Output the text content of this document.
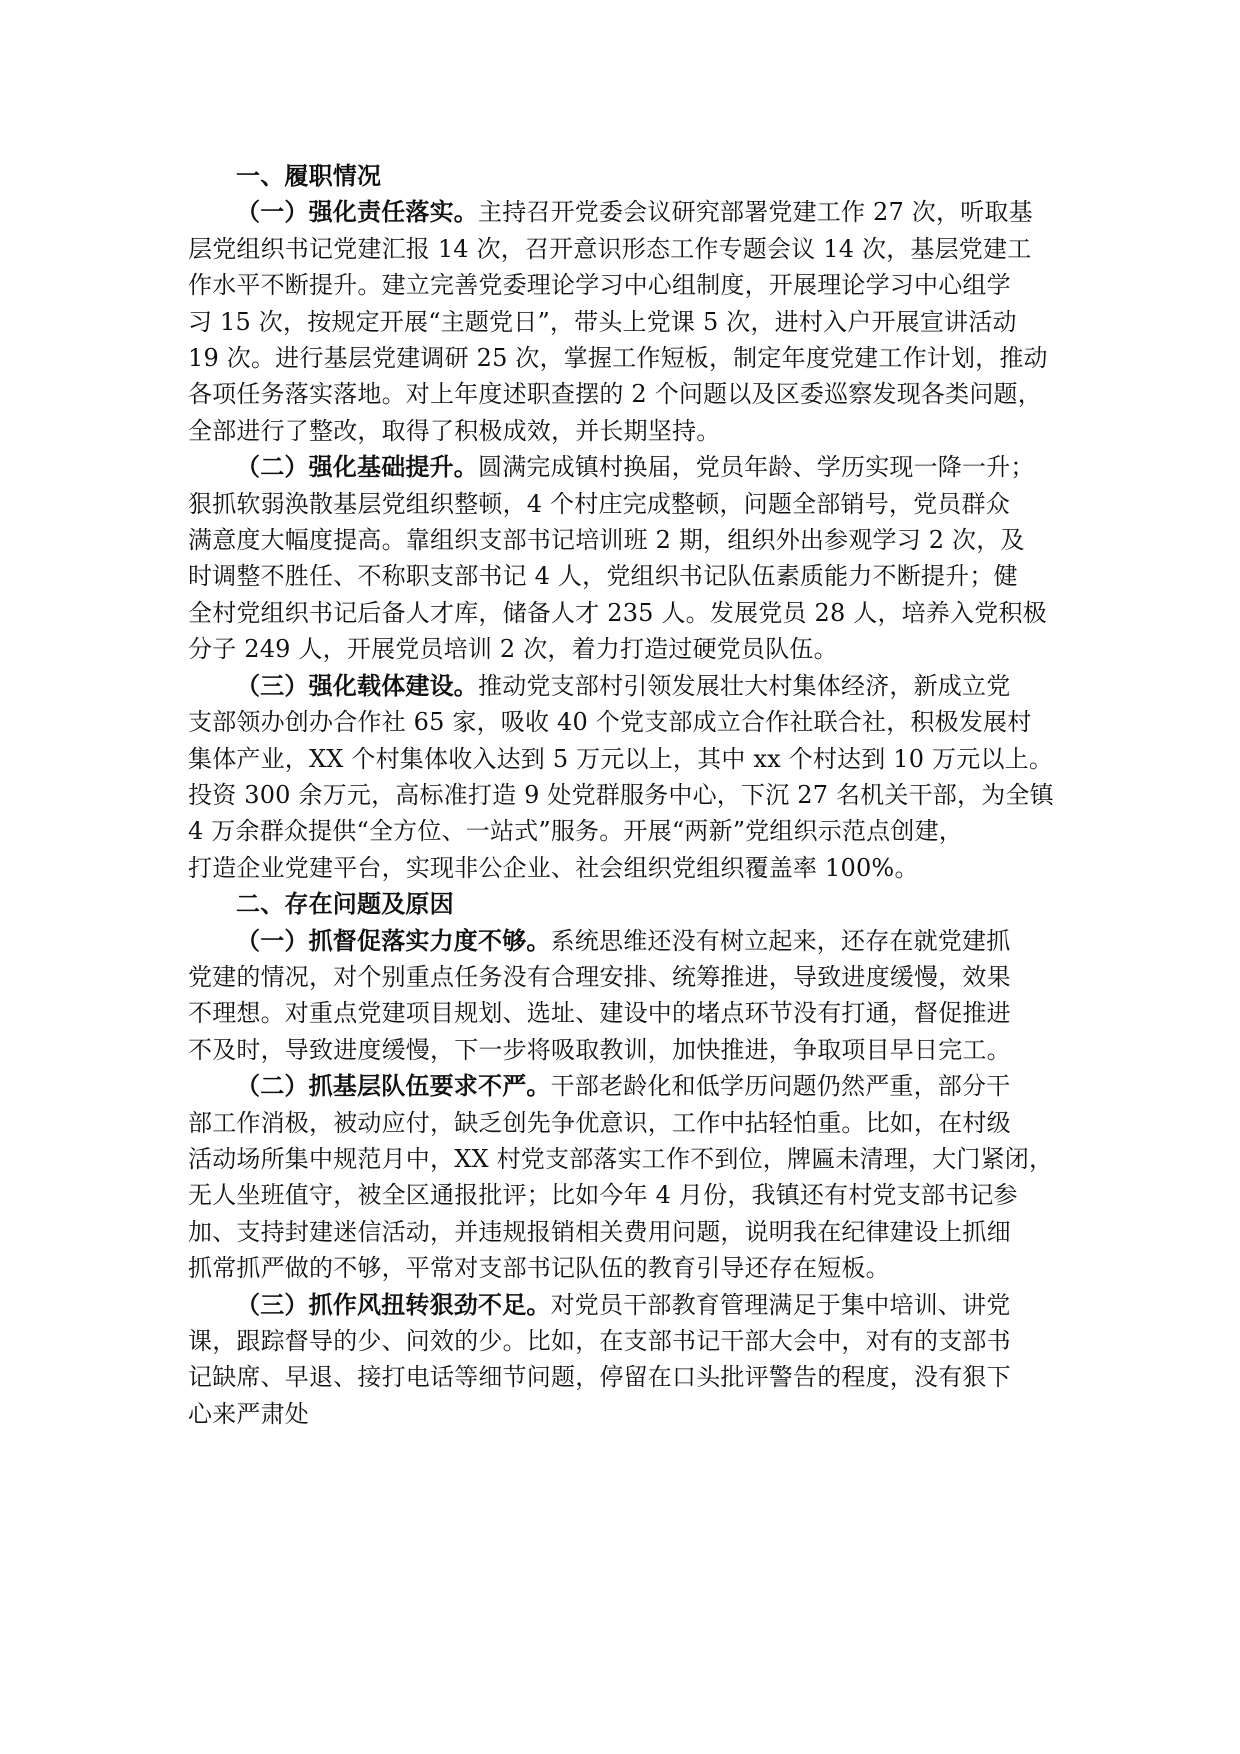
一、履职情况
（一）强化责任落实。主持召开党委会议研究部署党建工作 27 次，听取基
层党组织书记党建汇报 14 次，召开意识形态工作专题会议 14 次，基层党建工
作水平不断提升。建立完善党委理论学习中心组制度，开展理论学习中心组学
习 15 次，按规定开展“主题党日”，带头上党课 5 次，进村入户开展宣讲活动
19 次。进行基层党建调研 25 次，掌握工作短板，制定年度党建工作计划，推动
各项任务落实落地。对上年度述职查摆的 2 个问题以及区委巡察发现各类问题，
全部进行了整改，取得了积极成效，并长期坚持。
（二）强化基础提升。圆满完成镇村换届，党员年龄、学历实现一降一升；
狠抓软弱涣散基层党组织整顿，4 个村庄完成整顿，问题全部销号，党员群众
满意度大幅度提高。靠组织支部书记培训班 2 期，组织外出参观学习 2 次，及
时调整不胜任、不称职支部书记 4 人，党组织书记队伍素质能力不断提升；健
全村党组织书记后备人才库，储备人才 235 人。发展党员 28 人，培养入党积极
分子 249 人，开展党员培训 2 次，着力打造过硬党员队伍。
（三）强化载体建设。推动党支部村引领发展壮大村集体经济，新成立党
支部领办创办合作社 65 家，吸收 40 个党支部成立合作社联合社，积极发展村
集体产业，XX 个村集体收入达到 5 万元以上，其中 xx 个村达到 10 万元以上。
投资 300 余万元，高标准打造 9 处党群服务中心，下沉 27 名机关干部，为全镇
4 万余群众提供“全方位、一站式”服务。开展“两新”党组织示范点创建，
打造企业党建平台，实现非公企业、社会组织党组织覆盖率 100%。
二、存在问题及原因
（一）抓督促落实力度不够。系统思维还没有树立起来，还存在就党建抓
党建的情况，对个别重点任务没有合理安排、统筹推进，导致进度缓慢，效果
不理想。对重点党建项目规划、选址、建设中的堵点环节没有打通，督促推进
不及时，导致进度缓慢，下一步将吸取教训，加快推进，争取项目早日完工。
（二）抓基层队伍要求不严。干部老龄化和低学历问题仍然严重，部分干
部工作消极，被动应付，缺乏创先争优意识，工作中拈轻怕重。比如，在村级
活动场所集中规范月中，XX 村党支部落实工作不到位，牌匾未清理，大门紧闭，
无人坐班值守，被全区通报批评；比如今年 4 月份，我镇还有村党支部书记参
加、支持封建迷信活动，并违规报销相关费用问题，说明我在纪律建设上抓细
抓常抓严做的不够，平常对支部书记队伍的教育引导还存在短板。
（三）抓作风扭转狠劲不足。对党员干部教育管理满足于集中培训、讲党
课，跟踪督导的少、问效的少。比如，在支部书记干部大会中，对有的支部书
记缺席、早退、接打电话等细节问题，停留在口头批评警告的程度，没有狠下
心来严肃处
